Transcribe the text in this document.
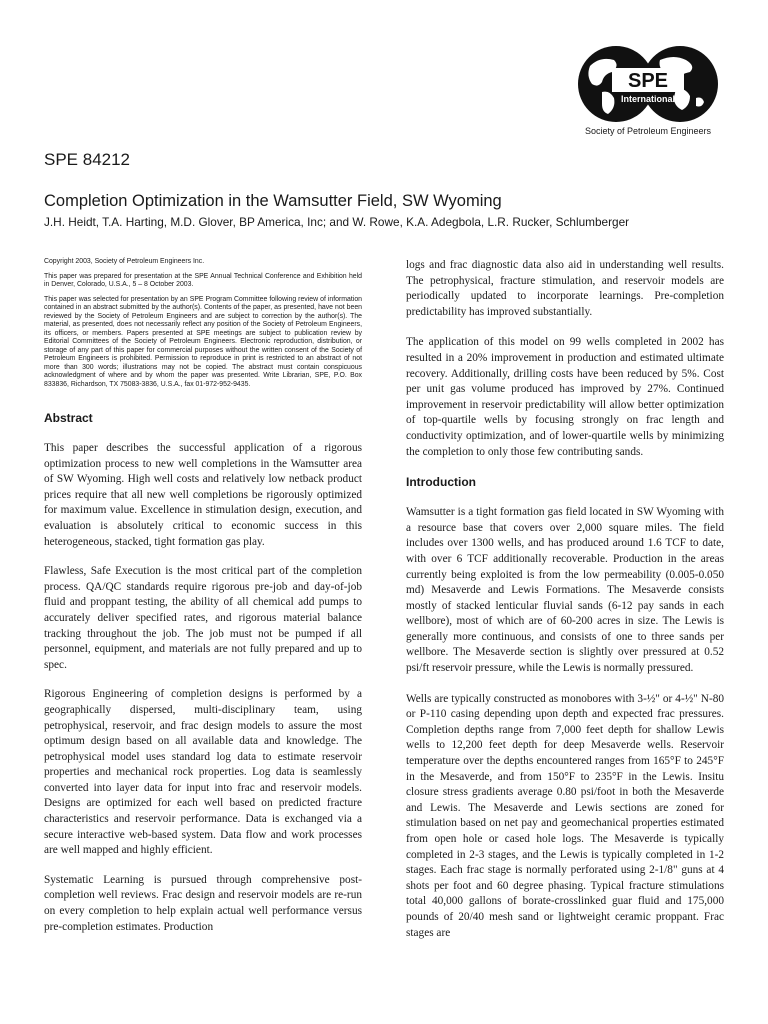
SPE
International
Society of Petroleum Engineers
SPE 84212
Completion Optimization in the Wamsutter Field, SW Wyoming
J.H. Heidt, T.A. Harting, M.D. Glover, BP America, Inc; and W. Rowe, K.A. Adegbola, L.R. Rucker, Schlumberger

Copyright 2003, Society of Petroleum Engineers Inc.

This paper was prepared for presentation at the SPE Annual Technical Conference and Exhibition held in Denver, Colorado, U.S.A., 5 – 8 October 2003.

This paper was selected for presentation by an SPE Program Committee following review of information contained in an abstract submitted by the author(s). Contents of the paper, as presented, have not been reviewed by the Society of Petroleum Engineers and are subject to correction by the author(s). The material, as presented, does not necessarily reflect any position of the Society of Petroleum Engineers, its officers, or members. Papers presented at SPE meetings are subject to publication review by Editorial Committees of the Society of Petroleum Engineers. Electronic reproduction, distribution, or storage of any part of this paper for commercial purposes without the written consent of the Society of Petroleum Engineers is prohibited. Permission to reproduce in print is restricted to an abstract of not more than 300 words; illustrations may not be copied. The abstract must contain conspicuous acknowledgment of where and by whom the paper was presented. Write Librarian, SPE, P.O. Box 833836, Richardson, TX 75083-3836, U.S.A., fax 01-972-952-9435.

Abstract

This paper describes the successful application of a rigorous optimization process to new well completions in the Wamsutter area of SW Wyoming. High well costs and relatively low netback product prices require that all new well completions be rigorously optimized for maximum value. Excellence in stimulation design, execution, and evaluation is absolutely critical to economic success in this heterogeneous, stacked, tight formation gas play.

Flawless, Safe Execution is the most critical part of the completion process. QA/QC standards require rigorous pre-job and day-of-job fluid and proppant testing, the ability of all chemical add pumps to accurately deliver specified rates, and rigorous material balance tracking throughout the job. The job must not be pumped if all personnel, equipment, and materials are not fully prepared and up to spec.

Rigorous Engineering of completion designs is performed by a geographically dispersed, multi-disciplinary team, using petrophysical, reservoir, and frac design models to assure the most optimum design based on all available data and knowledge. The petrophysical model uses standard log data to estimate reservoir properties and mechanical rock properties. Log data is seamlessly converted into layer data for input into frac and reservoir models. Designs are optimized for each well based on predicted fracture characteristics and reservoir performance. Data is exchanged via a secure interactive web-based system. Data flow and work processes are well mapped and highly efficient.

Systematic Learning is pursued through comprehensive post-completion well reviews. Frac design and reservoir models are re-run on every completion to help explain actual well performance versus pre-completion estimates. Production

logs and frac diagnostic data also aid in understanding well results. The petrophysical, fracture stimulation, and reservoir models are periodically updated to incorporate learnings. Pre-completion predictability has improved substantially.

The application of this model on 99 wells completed in 2002 has resulted in a 20% improvement in production and estimated ultimate recovery. Additionally, drilling costs have been reduced by 5%. Cost per unit gas volume produced has improved by 27%. Continued improvement in reservoir predictability will allow better optimization of top-quartile wells by focusing strongly on frac length and conductivity optimization, and of lower-quartile wells by minimizing the completion to only those few contributing sands.

Introduction

Wamsutter is a tight formation gas field located in SW Wyoming with a resource base that covers over 2,000 square miles. The field includes over 1300 wells, and has produced around 1.6 TCF to date, with over 6 TCF additionally recoverable. Production in the areas currently being exploited is from the low permeability (0.005-0.050 md) Mesaverde and Lewis Formations. The Mesaverde consists mostly of stacked lenticular fluvial sands (6-12 pay sands in each wellbore), most of which are of 60-200 acres in size. The Lewis is generally more continuous, and consists of one to three sands per wellbore. The Mesaverde section is slightly over pressured at 0.52 psi/ft reservoir pressure, while the Lewis is normally pressured.

Wells are typically constructed as monobores with 3-½" or 4-½" N-80 or P-110 casing depending upon depth and expected frac pressures. Completion depths range from 7,000 feet depth for shallow Lewis wells to 12,200 feet depth for deep Mesaverde wells. Reservoir temperature over the depths encountered ranges from 165°F to 245°F in the Mesaverde, and from 150°F to 235°F in the Lewis. Insitu closure stress gradients average 0.80 psi/foot in both the Mesaverde and Lewis. The Mesaverde and Lewis sections are zoned for stimulation based on net pay and geomechanical properties estimated from open hole or cased hole logs. The Mesaverde is typically completed in 2-3 stages, and the Lewis is typically completed in 1-2 stages. Each frac stage is normally perforated using 2-1/8" guns at 4 shots per foot and 60 degree phasing. Typical fracture stimulations total 40,000 gallons of borate-crosslinked guar fluid and 175,000 pounds of 20/40 mesh sand or lightweight ceramic proppant. Frac stages are
